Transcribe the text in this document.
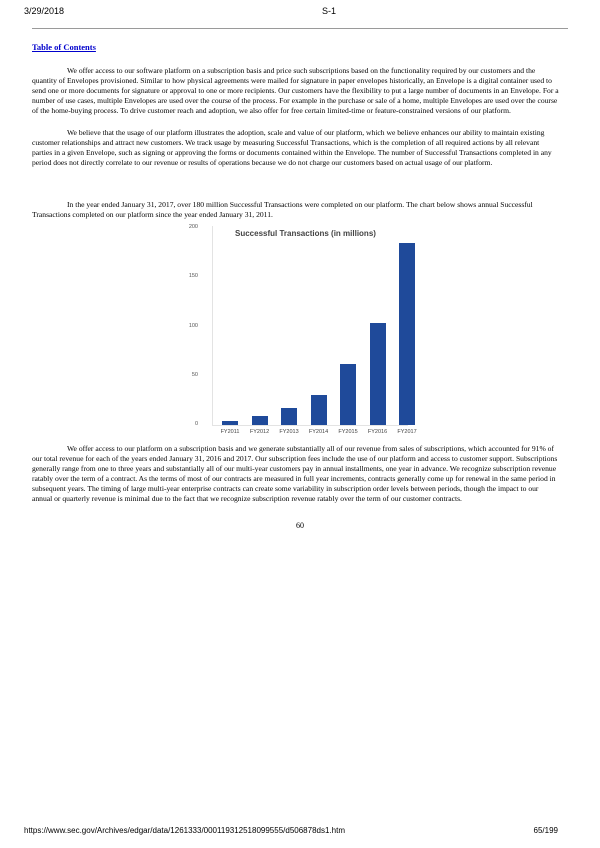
3/29/2018	S-1
Table of Contents

We offer access to our software platform on a subscription basis and price such subscriptions based on the functionality required by our customers and the quantity of Envelopes provisioned. Similar to how physical agreements were mailed for signature in paper envelopes historically, an Envelope is a digital container used to send one or more documents for signature or approval to one or more recipients. Our customers have the flexibility to put a large number of documents in an Envelope. For a number of use cases, multiple Envelopes are used over the course of the process. For example in the purchase or sale of a home, multiple Envelopes are used over the course of the home-buying process. To drive customer reach and adoption, we also offer for free certain limited-time or feature-constrained versions of our platform.

We believe that the usage of our platform illustrates the adoption, scale and value of our platform, which we believe enhances our ability to maintain existing customer relationships and attract new customers. We track usage by measuring Successful Transactions, which is the completion of all required actions by all relevant parties in a given Envelope, such as signing or approving the forms or documents contained within the Envelope. The number of Successful Transactions completed in any period does not directly correlate to our revenue or results of operations because we do not charge our customers based on actual usage of our platform.

In the year ended January 31, 2017, over 180 million Successful Transactions were completed on our platform. The chart below shows annual Successful Transactions completed on our platform since the year ended January 31, 2011.

Successful Transactions (in millions)
0
50
100
150
200
FY2011	FY2012	FY2013	FY2014	FY2015	FY2016	FY2017

We offer access to our platform on a subscription basis and we generate substantially all of our revenue from sales of subscriptions, which accounted for 91% of our total revenue for each of the years ended January 31, 2016 and 2017. Our subscription fees include the use of our platform and access to customer support. Subscriptions generally range from one to three years and substantially all of our multi-year customers pay in annual installments, one year in advance. We recognize subscription revenue ratably over the term of a contract. As the terms of most of our contracts are measured in full year increments, contracts generally come up for renewal in the same period in subsequent years. The timing of large multi-year enterprise contracts can create some variability in subscription order levels between periods, though the impact to our annual or quarterly revenue is minimal due to the fact that we recognize subscription revenue ratably over the term of our customer contracts.

60
https://www.sec.gov/Archives/edgar/data/1261333/000119312518099555/d506878ds1.htm	65/199
